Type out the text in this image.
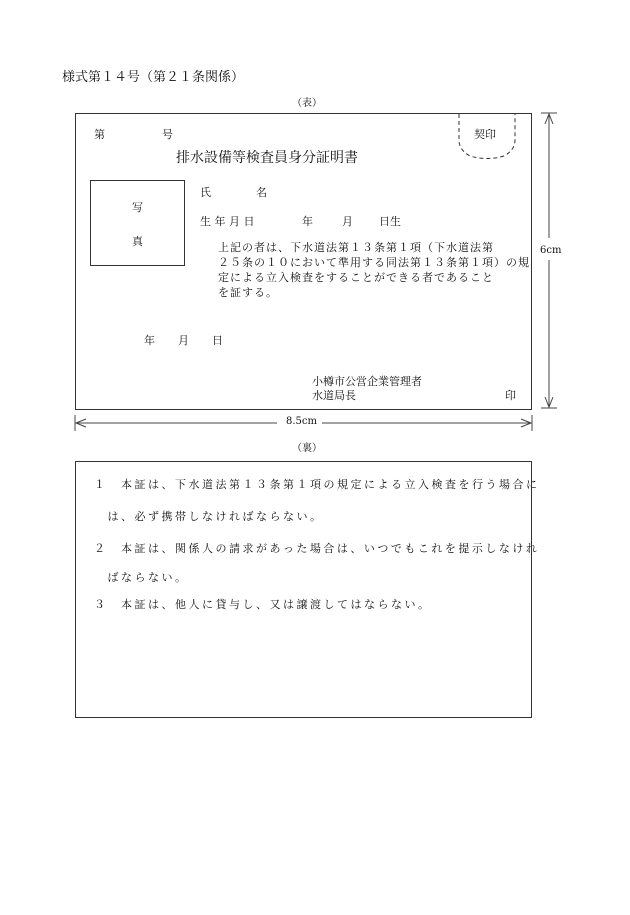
様式第１４号（第２１条関係）
（表）
第	号	契印
排水設備等検査員身分証明書
写
真
氏	名
生 年 月 日	年	月 日生
上記の者は、下水道法第１３条第１項（下水道法第
２５条の１０において準用する同法第１３条第１項）の規
定による立入検査をすることができる者であること
を証する。
年 月 日
小樽市公営企業管理者
水道局長	印
6cm
8.5cm
（裏）
１　本証は、下水道法第１３条第１項の規定による立入検査を行う場合に
　は、必ず携帯しなければならない。
２　本証は、関係人の請求があった場合は、いつでもこれを提示しなけれ
　ばならない。
３　本証は、他人に貸与し、又は譲渡してはならない。
